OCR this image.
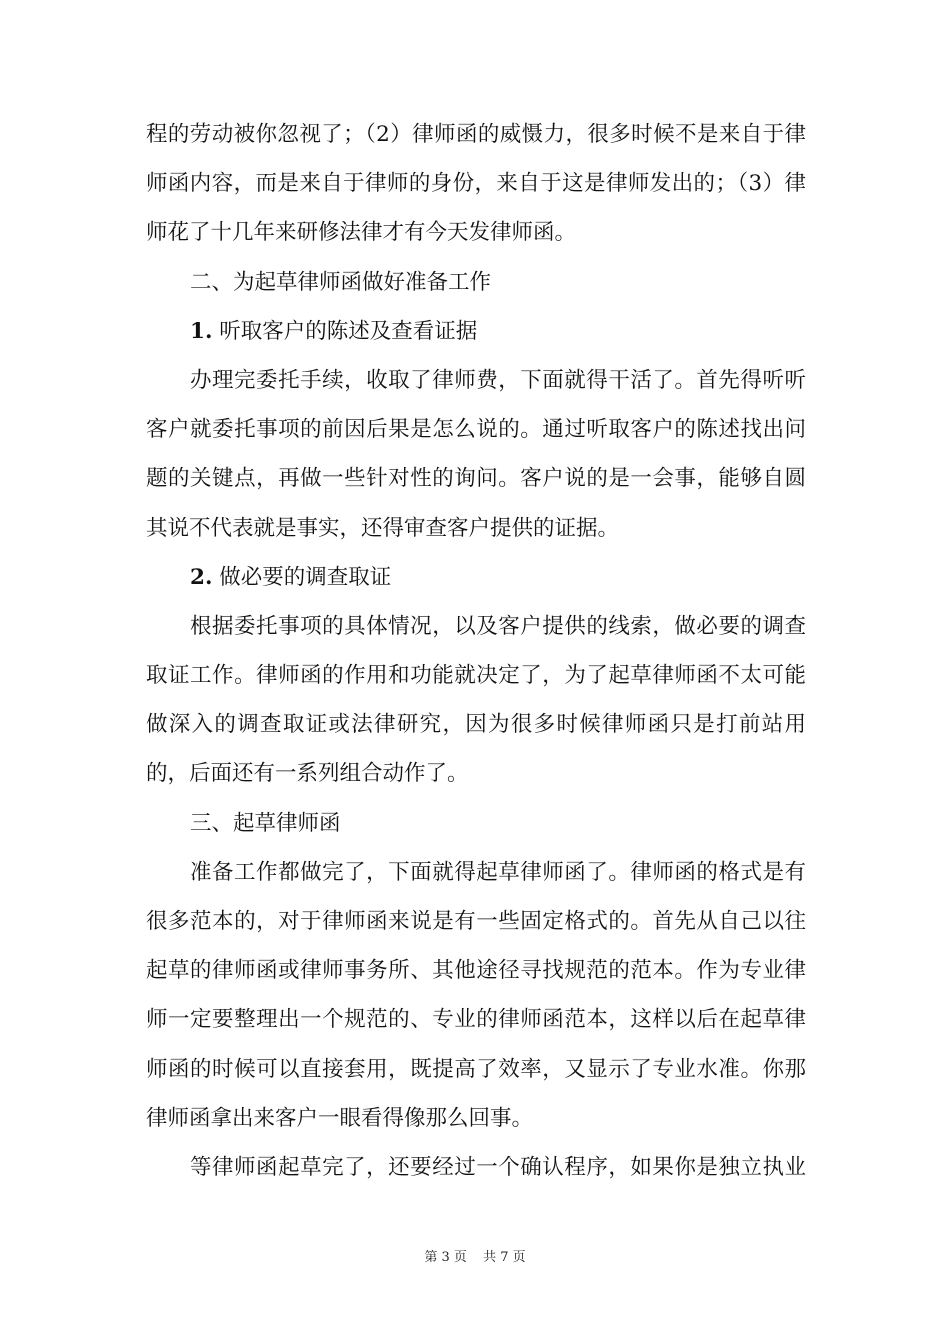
程的劳动被你忽视了；（2）律师函的威慑力，很多时候不是来自于律
师函内容，而是来自于律师的身份，来自于这是律师发出的；（3）律
师花了十几年来研修法律才有今天发律师函。
二、为起草律师函做好准备工作
1. 听取客户的陈述及查看证据
办理完委托手续，收取了律师费，下面就得干活了。首先得听听
客户就委托事项的前因后果是怎么说的。通过听取客户的陈述找出问
题的关键点，再做一些针对性的询问。客户说的是一会事，能够自圆
其说不代表就是事实，还得审查客户提供的证据。
2. 做必要的调查取证
根据委托事项的具体情况，以及客户提供的线索，做必要的调查
取证工作。律师函的作用和功能就决定了，为了起草律师函不太可能
做深入的调查取证或法律研究，因为很多时候律师函只是打前站用
的，后面还有一系列组合动作了。
三、起草律师函
准备工作都做完了，下面就得起草律师函了。律师函的格式是有
很多范本的，对于律师函来说是有一些固定格式的。首先从自己以往
起草的律师函或律师事务所、其他途径寻找规范的范本。作为专业律
师一定要整理出一个规范的、专业的律师函范本，这样以后在起草律
师函的时候可以直接套用，既提高了效率，又显示了专业水准。你那
律师函拿出来客户一眼看得像那么回事。
等律师函起草完了，还要经过一个确认程序，如果你是独立执业
第 3 页 共 7 页
